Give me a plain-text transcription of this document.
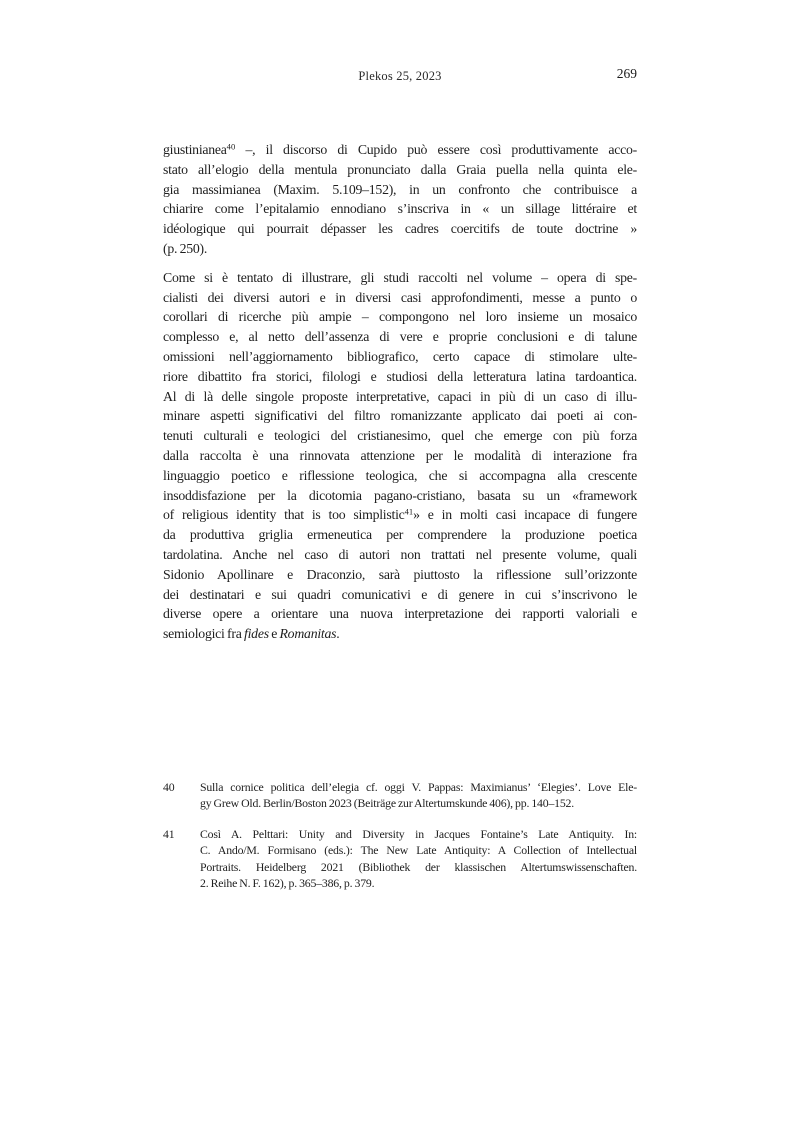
Plekos 25, 2023	269
giustinianea$^{40}$ –, il discorso di Cupido può essere così produttivamente acco-
stato all’elogio della mentula pronunciato dalla Graia puella nella quinta ele-
gia massimianea (Maxim. 5.109–152), in un confronto che contribuisce a
chiarire come l’epitalamio ennodiano s’inscriva in « un sillage littéraire et
idéologique qui pourrait dépasser les cadres coercitifs de toute doctrine »
(p. 250).
Come si è tentato di illustrare, gli studi raccolti nel volume – opera di spe-
cialisti dei diversi autori e in diversi casi approfondimenti, messe a punto o
corollari di ricerche più ampie – compongono nel loro insieme un mosaico
complesso e, al netto dell’assenza di vere e proprie conclusioni e di talune
omissioni nell’aggiornamento bibliografico, certo capace di stimolare ulte-
riore dibattito fra storici, filologi e studiosi della letteratura latina tardoantica.
Al di là delle singole proposte interpretative, capaci in più di un caso di illu-
minare aspetti significativi del filtro romanizzante applicato dai poeti ai con-
tenuti culturali e teologici del cristianesimo, quel che emerge con più forza
dalla raccolta è una rinnovata attenzione per le modalità di interazione fra
linguaggio poetico e riflessione teologica, che si accompagna alla crescente
insoddisfazione per la dicotomia pagano-cristiano, basata su un «framework
of religious identity that is too simplistic$^{41}$» e in molti casi incapace di fungere
da produttiva griglia ermeneutica per comprendere la produzione poetica
tardolatina. Anche nel caso di autori non trattati nel presente volume, quali
Sidonio Apollinare e Draconzio, sarà piuttosto la riflessione sull’orizzonte
dei destinatari e sui quadri comunicativi e di genere in cui s’inscrivono le
diverse opere a orientare una nuova interpretazione dei rapporti valoriali e
semiologici fra fides e Romanitas.
40	Sulla cornice politica dell’elegia cf. oggi V. Pappas: Maximianus’ ‘Elegies’. Love Ele-
gy Grew Old. Berlin/Boston 2023 (Beiträge zur Altertumskunde 406), pp. 140–152.
41	Così A. Pelttari: Unity and Diversity in Jacques Fontaine’s Late Antiquity. In:
C. Ando/M. Formisano (eds.): The New Late Antiquity: A Collection of Intellectual
Portraits. Heidelberg 2021 (Bibliothek der klassischen Altertumswissenschaften.
2. Reihe N. F. 162), p. 365–386, p. 379.
